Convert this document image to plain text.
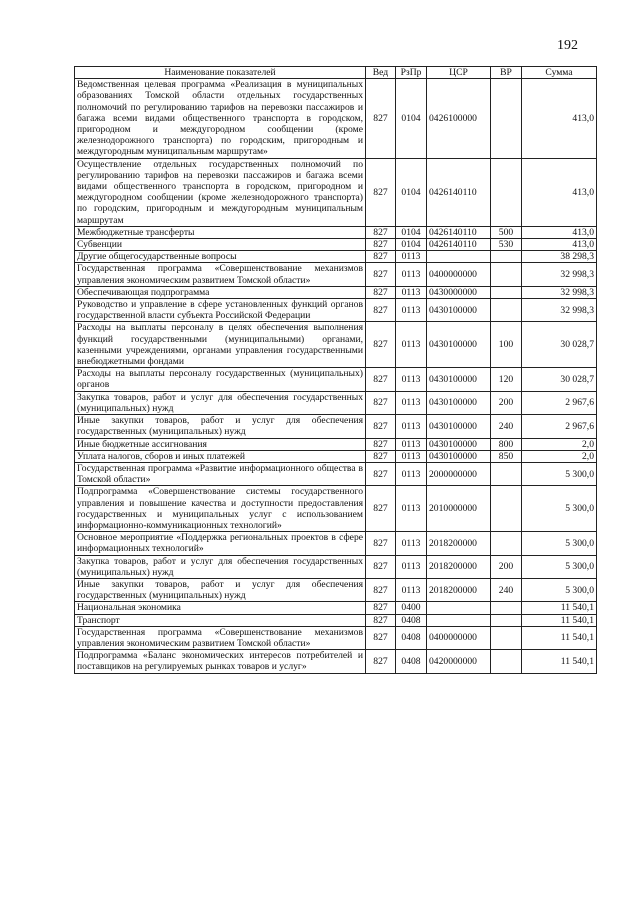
192
Наименование показателей	Вед	РзПр	ЦСР	ВР	Сумма
Ведомственная целевая программа «Реализация в муниципальных образованиях Томской области отдельных государственных полномочий по регулированию тарифов на перевозки пассажиров и багажа всеми видами общественного транспорта в городском, пригородном и междугородном сообщении (кроме железнодорожного транспорта) по городским, пригородным и междугородным муниципальным маршрутам»	827	0104	0426100000		413,0
Осуществление отдельных государственных полномочий по регулированию тарифов на перевозки пассажиров и багажа всеми видами общественного транспорта в городском, пригородном и междугородном сообщении (кроме железнодорожного транспорта) по городским, пригородным и междугородным муниципальным маршрутам	827	0104	0426140110		413,0
Межбюджетные трансферты	827	0104	0426140110	500	413,0
Субвенции	827	0104	0426140110	530	413,0
Другие общегосударственные вопросы	827	0113			38 298,3
Государственная программа «Совершенствование механизмов управления экономическим развитием Томской области»	827	0113	0400000000		32 998,3
Обеспечивающая подпрограмма	827	0113	0430000000		32 998,3
Руководство и управление в сфере установленных функций органов государственной власти субъекта Российской Федерации	827	0113	0430100000		32 998,3
Расходы на выплаты персоналу в целях обеспечения выполнения функций государственными (муниципальными) органами, казенными учреждениями, органами управления государственными внебюджетными фондами	827	0113	0430100000	100	30 028,7
Расходы на выплаты персоналу государственных (муниципальных) органов	827	0113	0430100000	120	30 028,7
Закупка товаров, работ и услуг для обеспечения государственных (муниципальных) нужд	827	0113	0430100000	200	2 967,6
Иные закупки товаров, работ и услуг для обеспечения государственных (муниципальных) нужд	827	0113	0430100000	240	2 967,6
Иные бюджетные ассигнования	827	0113	0430100000	800	2,0
Уплата налогов, сборов и иных платежей	827	0113	0430100000	850	2,0
Государственная программа «Развитие информационного общества в Томской области»	827	0113	2000000000		5 300,0
Подпрограмма «Совершенствование системы государственного управления и повышение качества и доступности предоставления государственных и муниципальных услуг с использованием информационно-коммуникационных технологий»	827	0113	2010000000		5 300,0
Основное мероприятие «Поддержка региональных проектов в сфере информационных технологий»	827	0113	2018200000		5 300,0
Закупка товаров, работ и услуг для обеспечения государственных (муниципальных) нужд	827	0113	2018200000	200	5 300,0
Иные закупки товаров, работ и услуг для обеспечения государственных (муниципальных) нужд	827	0113	2018200000	240	5 300,0
Национальная экономика	827	0400			11 540,1
Транспорт	827	0408			11 540,1
Государственная программа «Совершенствование механизмов управления экономическим развитием Томской области»	827	0408	0400000000		11 540,1
Подпрограмма «Баланс экономических интересов потребителей и поставщиков на регулируемых рынках товаров и услуг»	827	0408	0420000000		11 540,1
